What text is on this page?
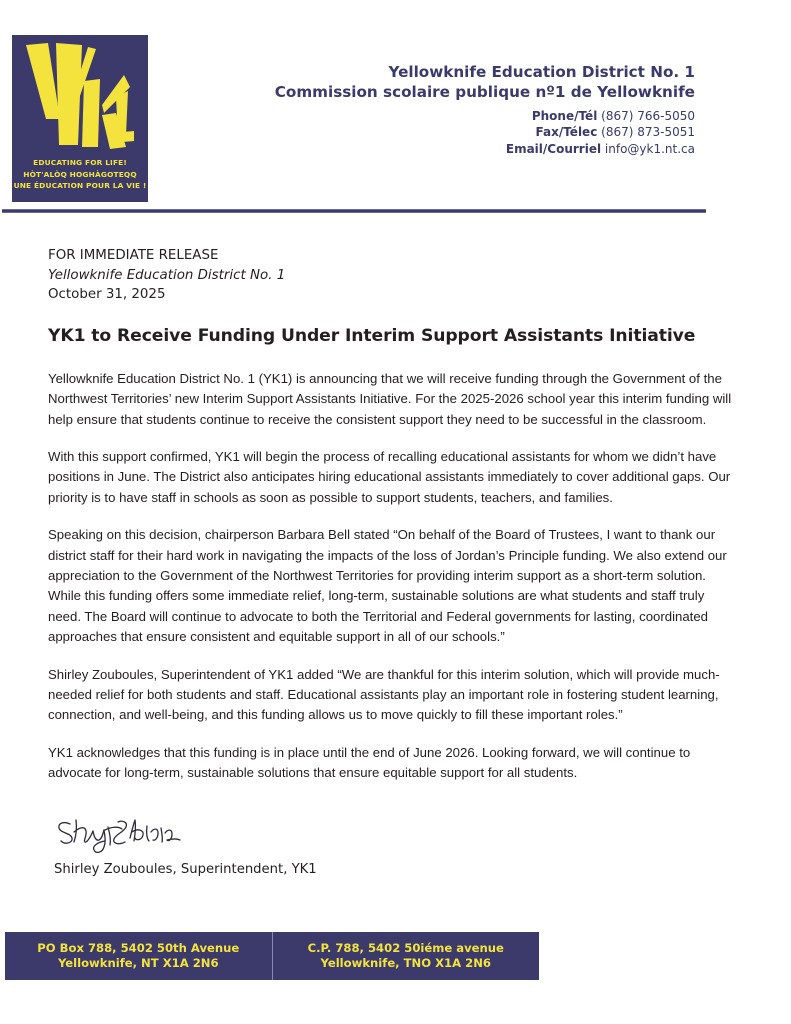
EDUCATING FOR LIFE!
HÒT'ALÒQ HOGHÀGOTEQQ
UNE ÉDUCATION POUR LA VIE !
Yellowknife Education District No. 1
Commission scolaire publique nº1 de Yellowknife
Phone/Tél (867) 766-5050
Fax/Télec (867) 873-5051
Email/Courriel info@yk1.nt.ca
FOR IMMEDIATE RELEASE
Yellowknife Education District No. 1
October 31, 2025
YK1 to Receive Funding Under Interim Support Assistants Initiative

Yellowknife Education District No. 1 (YK1) is announcing that we will receive funding through the Government of the Northwest Territories’ new Interim Support Assistants Initiative. For the 2025-2026 school year this interim funding will help ensure that students continue to receive the consistent support they need to be successful in the classroom.

With this support confirmed, YK1 will begin the process of recalling educational assistants for whom we didn’t have positions in June. The District also anticipates hiring educational assistants immediately to cover additional gaps. Our priority is to have staff in schools as soon as possible to support students, teachers, and families.

Speaking on this decision, chairperson Barbara Bell stated “On behalf of the Board of Trustees, I want to thank our district staff for their hard work in navigating the impacts of the loss of Jordan’s Principle funding. We also extend our appreciation to the Government of the Northwest Territories for providing interim support as a short-term solution. While this funding offers some immediate relief, long-term, sustainable solutions are what students and staff truly need. The Board will continue to advocate to both the Territorial and Federal governments for lasting, coordinated approaches that ensure consistent and equitable support in all of our schools.”

Shirley Zouboules, Superintendent of YK1 added “We are thankful for this interim solution, which will provide much-needed relief for both students and staff. Educational assistants play an important role in fostering student learning, connection, and well-being, and this funding allows us to move quickly to fill these important roles.”

YK1 acknowledges that this funding is in place until the end of June 2026. Looking forward, we will continue to advocate for long-term, sustainable solutions that ensure equitable support for all students.

Shirley Zouboules, Superintendent, YK1
PO Box 788, 5402 50th Avenue
Yellowknife, NT X1A 2N6
C.P. 788, 5402 50iéme avenue
Yellowknife, TNO X1A 2N6
